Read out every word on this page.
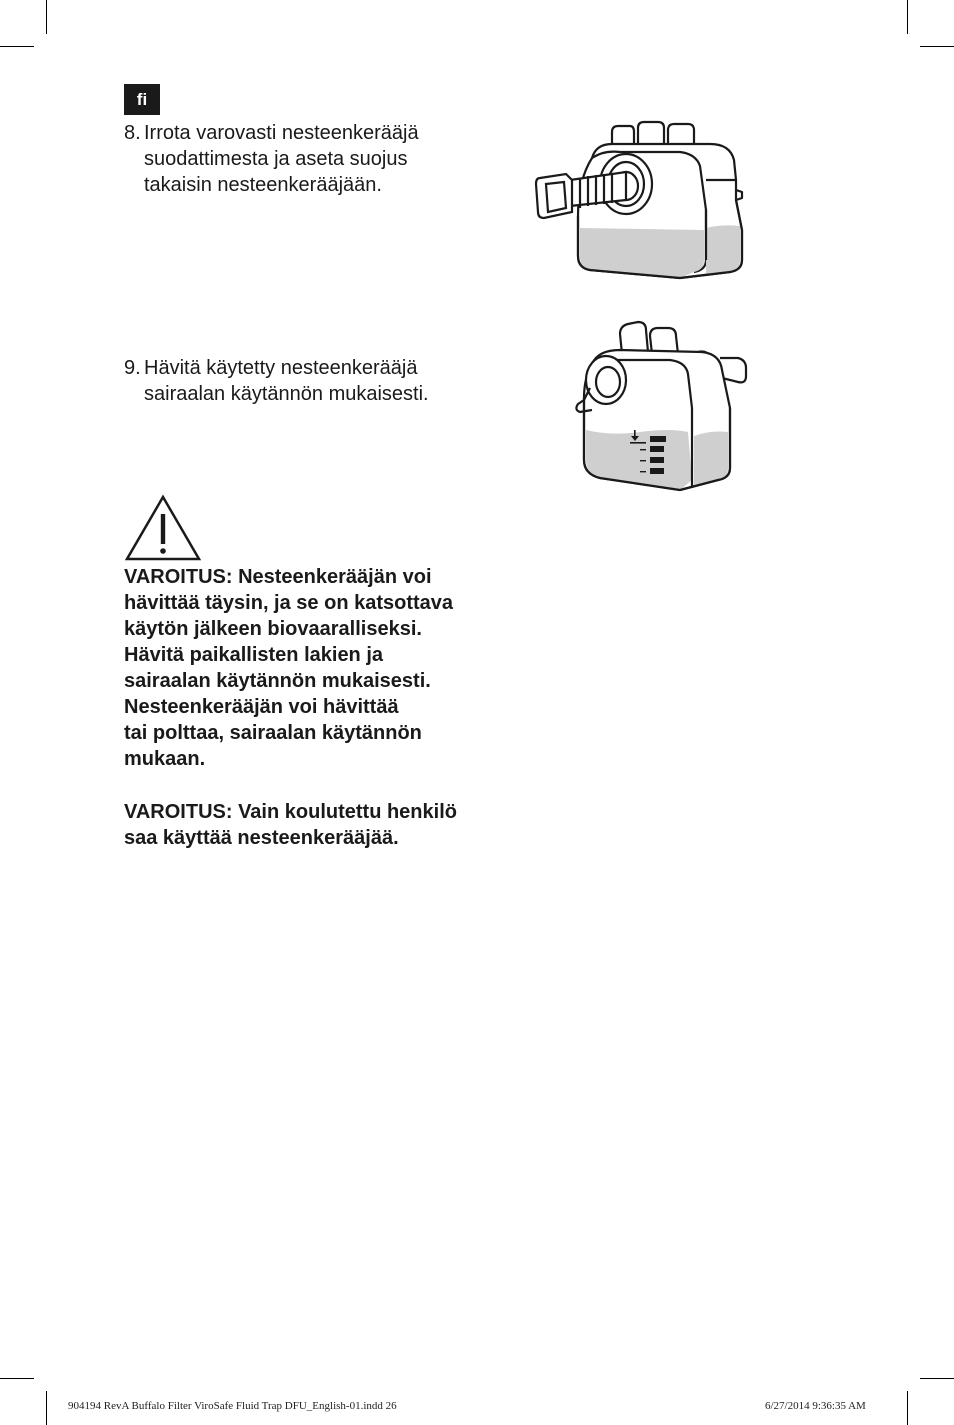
fi
8. Irrota varovasti nesteenkerääjä
suodattimesta ja aseta suojus
takaisin nesteenkerääjään.
9. Hävitä käytetty nesteenkerääjä
sairaalan käytännön mukaisesti.
VAROITUS: Nesteenkerääjän voi
hävittää täysin, ja se on katsottava
käytön jälkeen biovaaralliseksi.
Hävitä paikallisten lakien ja
sairaalan käytännön mukaisesti.
Nesteenkerääjän voi hävittää
tai polttaa, sairaalan käytännön
mukaan.
VAROITUS: Vain koulutettu henkilö
saa käyttää nesteenkerääjää.
904194 RevA Buffalo Filter ViroSafe Fluid Trap DFU_English-01.indd 26	6/27/2014 9:36:35 AM
